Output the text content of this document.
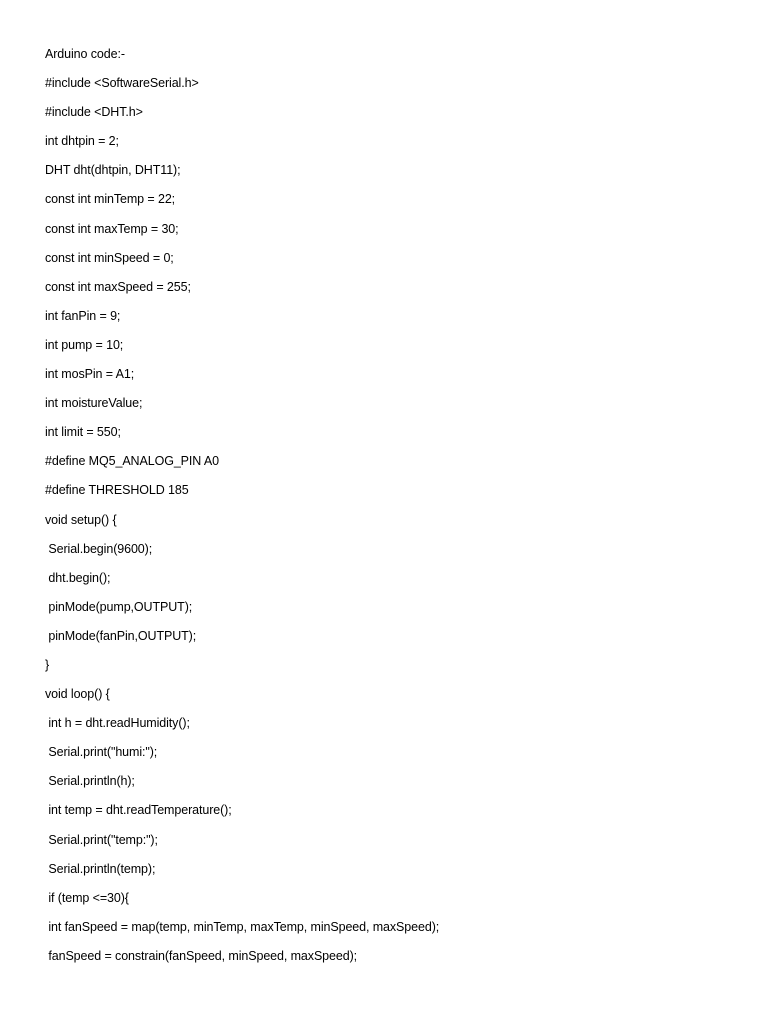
Arduino code:-
#include <SoftwareSerial.h>
#include <DHT.h>
int dhtpin = 2;
DHT dht(dhtpin, DHT11);
const int minTemp = 22;
const int maxTemp = 30;
const int minSpeed = 0;
const int maxSpeed = 255;
int fanPin = 9;
int pump = 10;
int mosPin = A1;
int moistureValue;
int limit = 550;
#define MQ5_ANALOG_PIN A0
#define THRESHOLD 185
void setup() {
Serial.begin(9600);
dht.begin();
pinMode(pump,OUTPUT);
pinMode(fanPin,OUTPUT);
}
void loop() {
int h = dht.readHumidity();
Serial.print("humi:");
Serial.println(h);
int temp = dht.readTemperature();
Serial.print("temp:");
Serial.println(temp);
if (temp <=30){
int fanSpeed = map(temp, minTemp, maxTemp, minSpeed, maxSpeed);
fanSpeed = constrain(fanSpeed, minSpeed, maxSpeed);
